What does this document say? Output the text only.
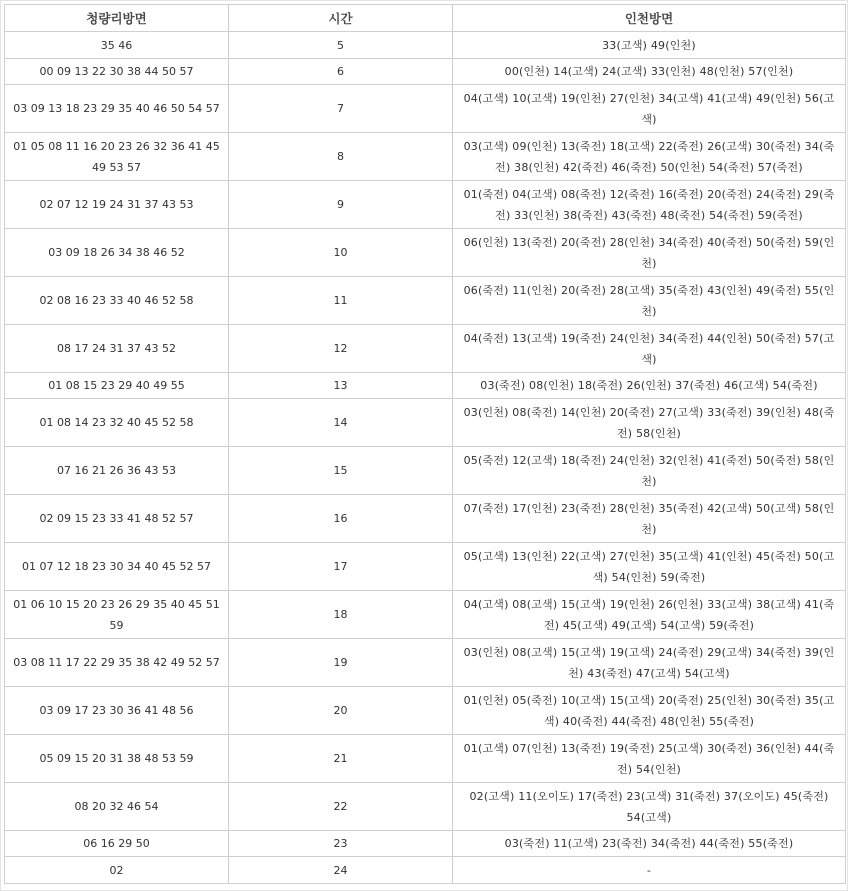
청량리방면	시간	인천방면
35 46	5	33(고색) 49(인천)
00 09 13 22 30 38 44 50 57	6	00(인천) 14(고색) 24(고색) 33(인천) 48(인천) 57(인천)
03 09 13 18 23 29 35 40 46 50 54 57	7	04(고색) 10(고색) 19(인천) 27(인천) 34(고색) 41(고색) 49(인천) 56(고색)
01 05 08 11 16 20 23 26 32 36 41 45 49 53 57	8	03(고색) 09(인천) 13(죽전) 18(고색) 22(죽전) 26(고색) 30(죽전) 34(죽전) 38(인천) 42(죽전) 46(죽전) 50(인천) 54(죽전) 57(죽전)
02 07 12 19 24 31 37 43 53	9	01(죽전) 04(고색) 08(죽전) 12(죽전) 16(죽전) 20(죽전) 24(죽전) 29(죽전) 33(인천) 38(죽전) 43(죽전) 48(죽전) 54(죽전) 59(죽전)
03 09 18 26 34 38 46 52	10	06(인천) 13(죽전) 20(죽전) 28(인천) 34(죽전) 40(죽전) 50(죽전) 59(인천)
02 08 16 23 33 40 46 52 58	11	06(죽전) 11(인천) 20(죽전) 28(고색) 35(죽전) 43(인천) 49(죽전) 55(인천)
08 17 24 31 37 43 52	12	04(죽전) 13(고색) 19(죽전) 24(인천) 34(죽전) 44(인천) 50(죽전) 57(고색)
01 08 15 23 29 40 49 55	13	03(죽전) 08(인천) 18(죽전) 26(인천) 37(죽전) 46(고색) 54(죽전)
01 08 14 23 32 40 45 52 58	14	03(인천) 08(죽전) 14(인천) 20(죽전) 27(고색) 33(죽전) 39(인천) 48(죽전) 58(인천)
07 16 21 26 36 43 53	15	05(죽전) 12(고색) 18(죽전) 24(인천) 32(인천) 41(죽전) 50(죽전) 58(인천)
02 09 15 23 33 41 48 52 57	16	07(죽전) 17(인천) 23(죽전) 28(인천) 35(죽전) 42(고색) 50(고색) 58(인천)
01 07 12 18 23 30 34 40 45 52 57	17	05(고색) 13(인천) 22(고색) 27(인천) 35(고색) 41(인천) 45(죽전) 50(고색) 54(인천) 59(죽전)
01 06 10 15 20 23 26 29 35 40 45 51 59	18	04(고색) 08(고색) 15(고색) 19(인천) 26(인천) 33(고색) 38(고색) 41(죽전) 45(고색) 49(고색) 54(고색) 59(죽전)
03 08 11 17 22 29 35 38 42 49 52 57	19	03(인천) 08(고색) 15(고색) 19(고색) 24(죽전) 29(고색) 34(죽전) 39(인천) 43(죽전) 47(고색) 54(고색)
03 09 17 23 30 36 41 48 56	20	01(인천) 05(죽전) 10(고색) 15(고색) 20(죽전) 25(인천) 30(죽전) 35(고색) 40(죽전) 44(죽전) 48(인천) 55(죽전)
05 09 15 20 31 38 48 53 59	21	01(고색) 07(인천) 13(죽전) 19(죽전) 25(고색) 30(죽전) 36(인천) 44(죽전) 54(인천)
08 20 32 46 54	22	02(고색) 11(오이도) 17(죽전) 23(고색) 31(죽전) 37(오이도) 45(죽전) 54(고색)
06 16 29 50	23	03(죽전) 11(고색) 23(죽전) 34(죽전) 44(죽전) 55(죽전)
02	24	-
